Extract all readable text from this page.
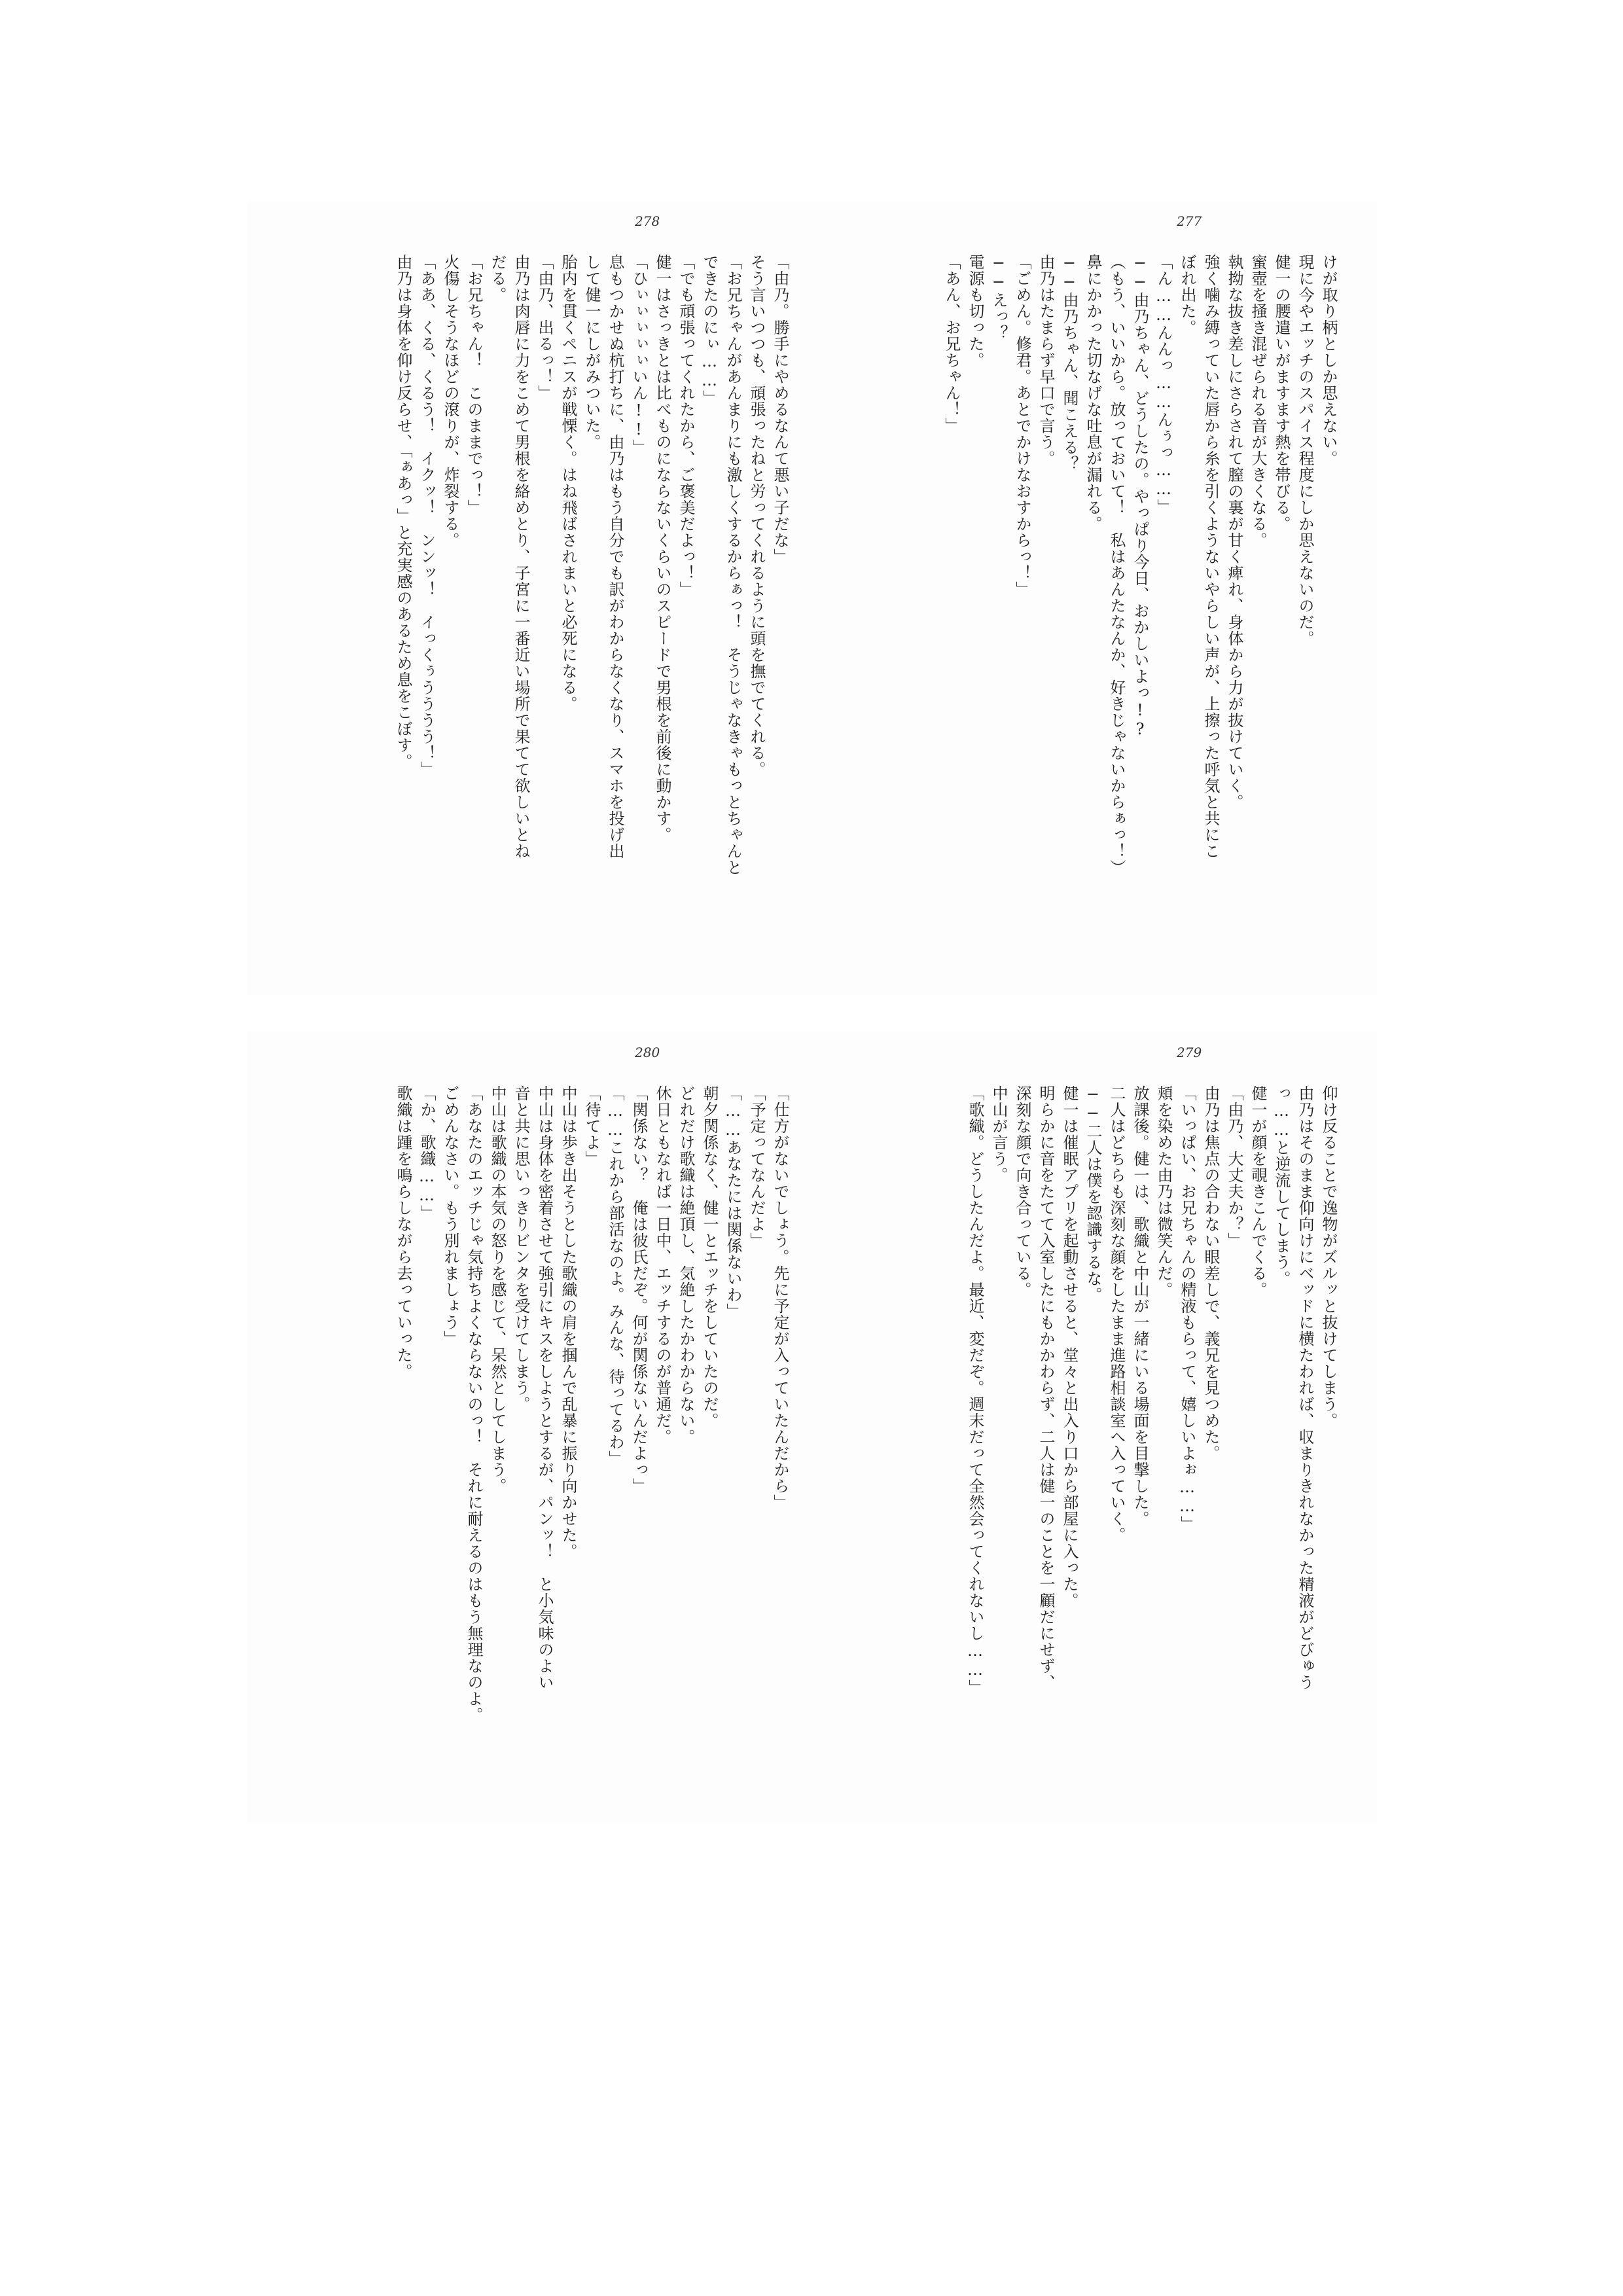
278
「由乃。勝手にやめるなんて悪い子だな」
そう言いつつも、頑張ったねと労ってくれるように頭を撫でてくれる。
「お兄ちゃんがあんまりにも激しくするからぁっ！　そうじゃなきゃもっとちゃんと
できたのにぃ……」
「でも頑張ってくれたから、ご褒美だよっ！」
健一はさっきとは比べものにならないくらいのスピードで男根を前後に動かす。
「ひぃぃぃぃぃいん!!」
息もつかせぬ杭打ちに、由乃はもう自分でも訳がわからなくなり、スマホを投げ出
して健一にしがみついた。
胎内を貫くペニスが戦慄く。はね飛ばされまいと必死になる。
「由乃、出るっ！」
由乃は肉唇に力をこめて男根を絡めとり、子宮に一番近い場所で果てて欲しいとね
だる。
「お兄ちゃん！　このままでっ！」
火傷しそうなほどの滾りが、炸裂する。
「ああ、くる、くるう！　イクッ！　ンンッ！　イっくぅうううう！」
由乃は身体を仰け反らせ、「ぁあっ」と充実感のあるため息をこぼす。
277
けが取り柄としか思えない。
現に今やエッチのスパイス程度にしか思えないのだ。
健一の腰遣いがますます熱を帯びる。
蜜壺を掻き混ぜられる音が大きくなる。
執拗な抜き差しにさらされて膣の裏が甘く痺れ、身体から力が抜けていく。
強く噛み縛っていた唇から糸を引くようないやらしい声が、上擦った呼気と共にこ
ぼれ出た。
「ん……んんっ……んぅっ……」
──由乃ちゃん、どうしたの。やっぱり今日、おかしいよっ!?
（もう、いいから。放っておいて！　私はあんたなんか、好きじゃないからぁっ！）
鼻にかかった切なげな吐息が漏れる。
──由乃ちゃん、聞こえる？
由乃はたまらず早口で言う。
「ごめん。修君。あとでかけなおすからっ！」
──えっ？
電源も切った。
「あん、お兄ちゃん！」
280
「仕方がないでしょう。先に予定が入っていたんだから」
「予定ってなんだよ」
「……あなたには関係ないわ」
朝夕関係なく、健一とエッチをしていたのだ。
どれだけ歌織は絶頂し、気絶したかわからない。
休日ともなれば一日中、エッチするのが普通だ。
「関係ない？　俺は彼氏だぞ。何が関係ないんだよっ」
「……これから部活なのよ。みんな、待ってるわ」
「待てよ」
中山は歩き出そうとした歌織の肩を掴んで乱暴に振り向かせた。
中山は身体を密着させて強引にキスをしようとするが、パンッ！　と小気味のよい
音と共に思いっきりビンタを受けてしまう。
中山は歌織の本気の怒りを感じて、呆然としてしまう。
「あなたのエッチじゃ気持ちよくならないのっ！　それに耐えるのはもう無理なのよ。
ごめんなさい。もう別れましょう」
「か、歌織……」
歌織は踵を鳴らしながら去っていった。
279
仰け反ることで逸物がズルッと抜けてしまう。
由乃はそのまま仰向けにベッドに横たわれば、収まりきれなかった精液がどびゅう
っ……と逆流してしまう。
健一が顔を覗きこんでくる。
「由乃、大丈夫か？」
由乃は焦点の合わない眼差しで、義兄を見つめた。
「いっぱい、お兄ちゃんの精液もらって、嬉しいよぉ……」
頬を染めた由乃は微笑んだ。
放課後。健一は、歌織と中山が一緒にいる場面を目撃した。
二人はどちらも深刻な顔をしたまま進路相談室へ入っていく。
──二人は僕を認識するな。
健一は催眠アプリを起動させると、堂々と出入り口から部屋に入った。
明らかに音をたてて入室したにもかかわらず、二人は健一のことを一顧だにせず、
深刻な顔で向き合っている。
中山が言う。
「歌織。どうしたんだよ。最近、変だぞ。週末だって全然会ってくれないし……」
